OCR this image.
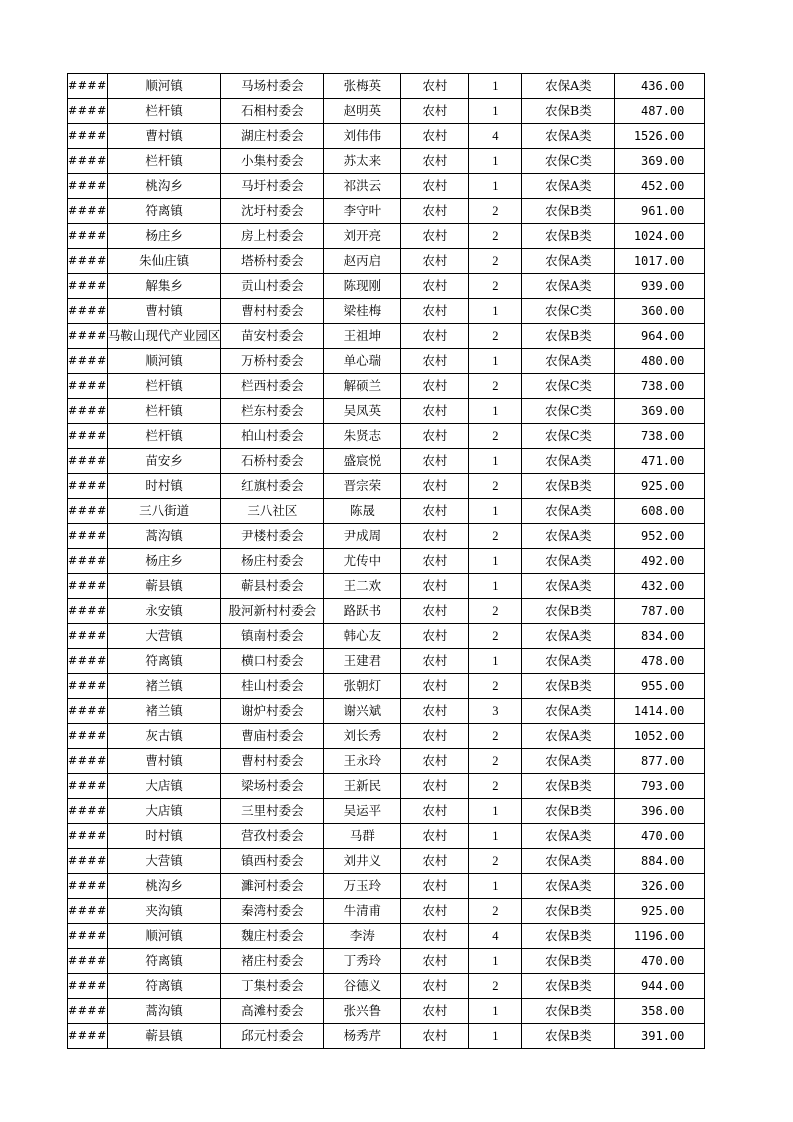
####	顺河镇	马场村委会	张梅英	农村	1	农保A类	436.00
####	栏杆镇	石相村委会	赵明英	农村	1	农保B类	487.00
####	曹村镇	湖庄村委会	刘伟伟	农村	4	农保A类	1526.00
####	栏杆镇	小集村委会	苏太来	农村	1	农保C类	369.00
####	桃沟乡	马圩村委会	祁洪云	农村	1	农保A类	452.00
####	符离镇	沈圩村委会	李守叶	农村	2	农保B类	961.00
####	杨庄乡	房上村委会	刘开亮	农村	2	农保B类	1024.00
####	朱仙庄镇	塔桥村委会	赵丙启	农村	2	农保A类	1017.00
####	解集乡	贡山村委会	陈现刚	农村	2	农保A类	939.00
####	曹村镇	曹村村委会	梁桂梅	农村	1	农保C类	360.00
####	马鞍山现代产业园区	苗安村委会	王祖坤	农村	2	农保B类	964.00
####	顺河镇	万桥村委会	单心瑞	农村	1	农保A类	480.00
####	栏杆镇	栏西村委会	解硕兰	农村	2	农保C类	738.00
####	栏杆镇	栏东村委会	吴凤英	农村	1	农保C类	369.00
####	栏杆镇	柏山村委会	朱贤志	农村	2	农保C类	738.00
####	苗安乡	石桥村委会	盛宸悦	农村	1	农保A类	471.00
####	时村镇	红旗村委会	晋宗荣	农村	2	农保B类	925.00
####	三八街道	三八社区	陈晟	农村	1	农保A类	608.00
####	蒿沟镇	尹楼村委会	尹成周	农村	2	农保A类	952.00
####	杨庄乡	杨庄村委会	尤传中	农村	1	农保A类	492.00
####	蕲县镇	蕲县村委会	王二欢	农村	1	农保A类	432.00
####	永安镇	股河新村村委会	路跃书	农村	2	农保B类	787.00
####	大营镇	镇南村委会	韩心友	农村	2	农保A类	834.00
####	符离镇	横口村委会	王建君	农村	1	农保A类	478.00
####	褚兰镇	桂山村委会	张朝灯	农村	2	农保B类	955.00
####	褚兰镇	谢炉村委会	谢兴斌	农村	3	农保A类	1414.00
####	灰古镇	曹庙村委会	刘长秀	农村	2	农保A类	1052.00
####	曹村镇	曹村村委会	王永玲	农村	2	农保A类	877.00
####	大店镇	梁场村委会	王新民	农村	2	农保B类	793.00
####	大店镇	三里村委会	吴运平	农村	1	农保B类	396.00
####	时村镇	营孜村委会	马群	农村	1	农保A类	470.00
####	大营镇	镇西村委会	刘井义	农村	2	农保A类	884.00
####	桃沟乡	濉河村委会	万玉玲	农村	1	农保A类	326.00
####	夹沟镇	秦湾村委会	牛清甫	农村	2	农保B类	925.00
####	顺河镇	魏庄村委会	李涛	农村	4	农保B类	1196.00
####	符离镇	褚庄村委会	丁秀玲	农村	1	农保B类	470.00
####	符离镇	丁集村委会	谷德义	农村	2	农保B类	944.00
####	蒿沟镇	高滩村委会	张兴鲁	农村	1	农保B类	358.00
####	蕲县镇	邱元村委会	杨秀芹	农村	1	农保B类	391.00
